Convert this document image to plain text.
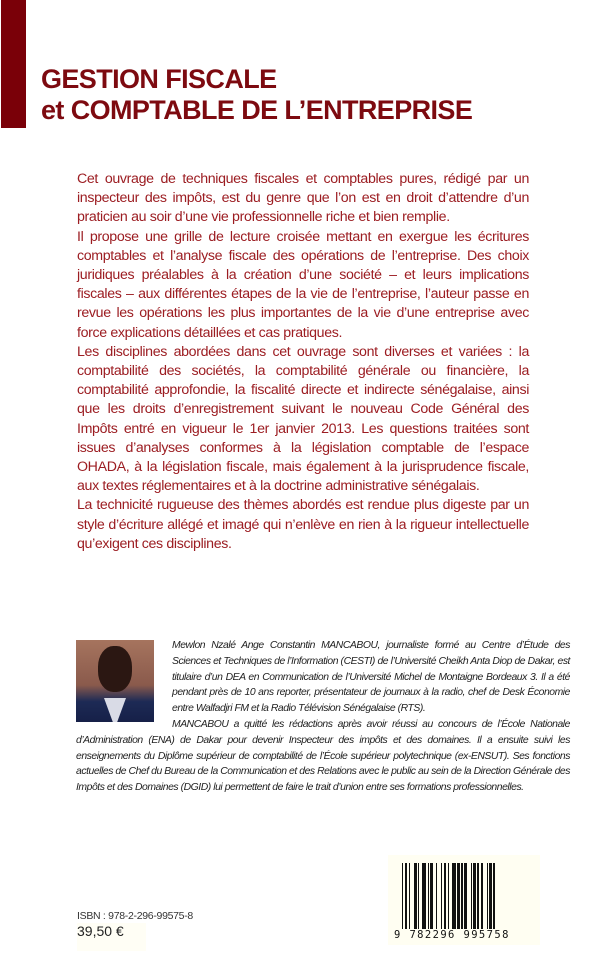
GESTION FISCALE
et COMPTABLE DE L’ENTREPRISE

Cet ouvrage de techniques fiscales et comptables pures, rédigé par un inspecteur des impôts, est du genre que l’on est en droit d’attendre d’un praticien au soir d’une vie professionnelle riche et bien remplie.

Il propose une grille de lecture croisée mettant en exergue les écritures comptables et l’analyse fiscale des opérations de l’entreprise. Des choix juridiques préalables à la création d’une société – et leurs implications fiscales – aux différentes étapes de la vie de l’entreprise, l’auteur passe en revue les opérations les plus importantes de la vie d’une entreprise avec force explications détaillées et cas pratiques.

Les disciplines abordées dans cet ouvrage sont diverses et variées : la comptabilité des sociétés, la comptabilité générale ou financière, la comptabilité approfondie, la fiscalité directe et indirecte sénégalaise, ainsi que les droits d’enregistrement suivant le nouveau Code Général des Impôts entré en vigueur le 1er janvier 2013. Les questions traitées sont issues d’analyses conformes à la législation comptable de l’espace OHADA, à la législation fiscale, mais également à la jurisprudence fiscale, aux textes réglementaires et à la doctrine administrative sénégalais.

La technicité rugueuse des thèmes abordés est rendue plus digeste par un style d’écriture allégé et imagé qui n’enlève en rien à la rigueur intellectuelle qu’exigent ces disciplines.

Mewlon Nzalé Ange Constantin MANCABOU, journaliste formé au Centre d’Étude des Sciences et Techniques de l’Information (CESTI) de l’Université Cheikh Anta Diop de Dakar, est titulaire d’un DEA en Communication de l’Université Michel de Montaigne Bordeaux 3. Il a été pendant près de 10 ans reporter, présentateur de journaux à la radio, chef de Desk Économie entre Walfadjri FM et la Radio Télévision Sénégalaise (RTS).

MANCABOU a quitté les rédactions après avoir réussi au concours de l’École Nationale d’Administration (ENA) de Dakar pour devenir Inspecteur des impôts et des domaines. Il a ensuite suivi les enseignements du Diplôme supérieur de comptabilité de l’École supérieur polytechnique (ex-ENSUT). Ses fonctions actuelles de Chef du Bureau de la Communication et des Relations avec le public au sein de la Direction Générale des Impôts et des Domaines (DGID) lui permettent de faire le trait d’union entre ses formations professionnelles.

ISBN : 978-2-296-99575-8
39,50 €	9 782296 995758
